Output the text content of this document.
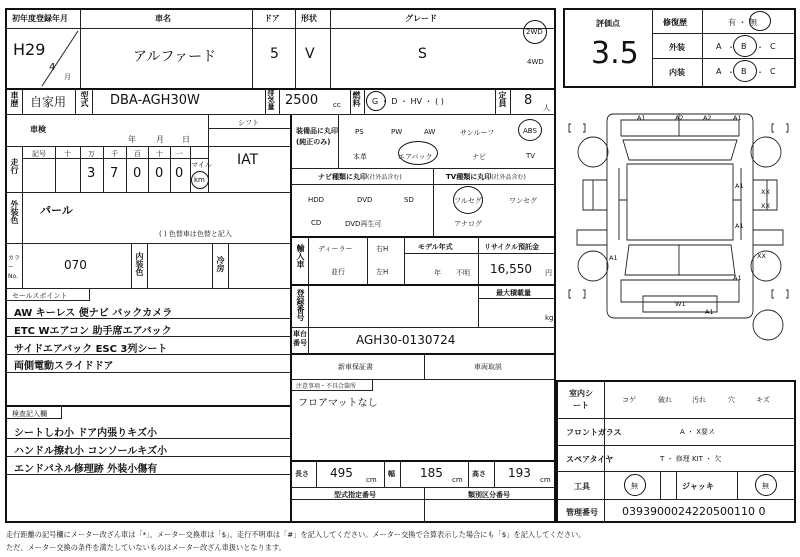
初年度登録年月	車名	ドア	形状	グレード
H29
4
月
アルファード	5 V	S
2WD
4WD
車歴 自家用 型式 DBA-AGH30W	排気量 2500 cc 燃料 G ・ D ・ HV ・ ( )	定員 8 人
車検
年	月 日
シフト
IAT
走行
記号	十 万 千 百 十 一
3 7 0 0 0
マイル
km
外装色 パール
( ) 色替車は色替と記入
カラーNo.
070	内装色	冷房
セールスポイント
AW キーレス 便ナビ バックカメラ
ETC Wエアコン 助手席エアバック
サイドエアバック ESC 3列シート
両側電動スライドドア
検査記入欄
シートしわ小 ドア内張りキズ小
ハンドル擦れ小 コンソールキズ小
エンドパネル修理跡 外装小傷有
装備品に丸印(純正のみ)
PS	PW	AW	サンルーフ	ABS
本革	エアバック	ナビ	TV
ナビ種類に丸印(社外品含む)	TV種類に丸印(社外品含む)
HDD	DVD	SD
CD	DVD再生可
フルセグ	ワンセグ
アナログ
輸入車 ディーラー
並行
右H
左H
モデル年式
年 不明
リサイクル預託金
16,550 円
登録番号	最大積載量
kg
車台番号	AGH30-0130724
新車保証書	車両取説
注意事項・不具合箇所
フロアマットなし
長さ 495 cm
幅 185 cm
高さ 193 cm
型式指定番号	類別区分番号
評価点
3.5
修復歴	有 ・ 無
外装	A ・ B ・ C
内装	A ・ B ・ C
A1	A2	A2	A1
A1
XX
XX
A1
A1	XX
A1
W1
A1
室内シート
コゲ	破れ	汚れ	穴	キズ
フロントガラス	A ・ X要ス
スペアタイヤ	T ・ 修理 KIT ・ 欠
工具	無	ジャッキ	無
管理番号 0393900024220500110 0
走行距離の記号欄にメーター改ざん車は「*」、メーター交換車は「$」、走行不明車は「#」を記入してください。メーター交換で合算表示した場合にも「$」を記入してください。
ただ、メーター交換の条件を満たしていないものはメーター改ざん車扱いとなります。
